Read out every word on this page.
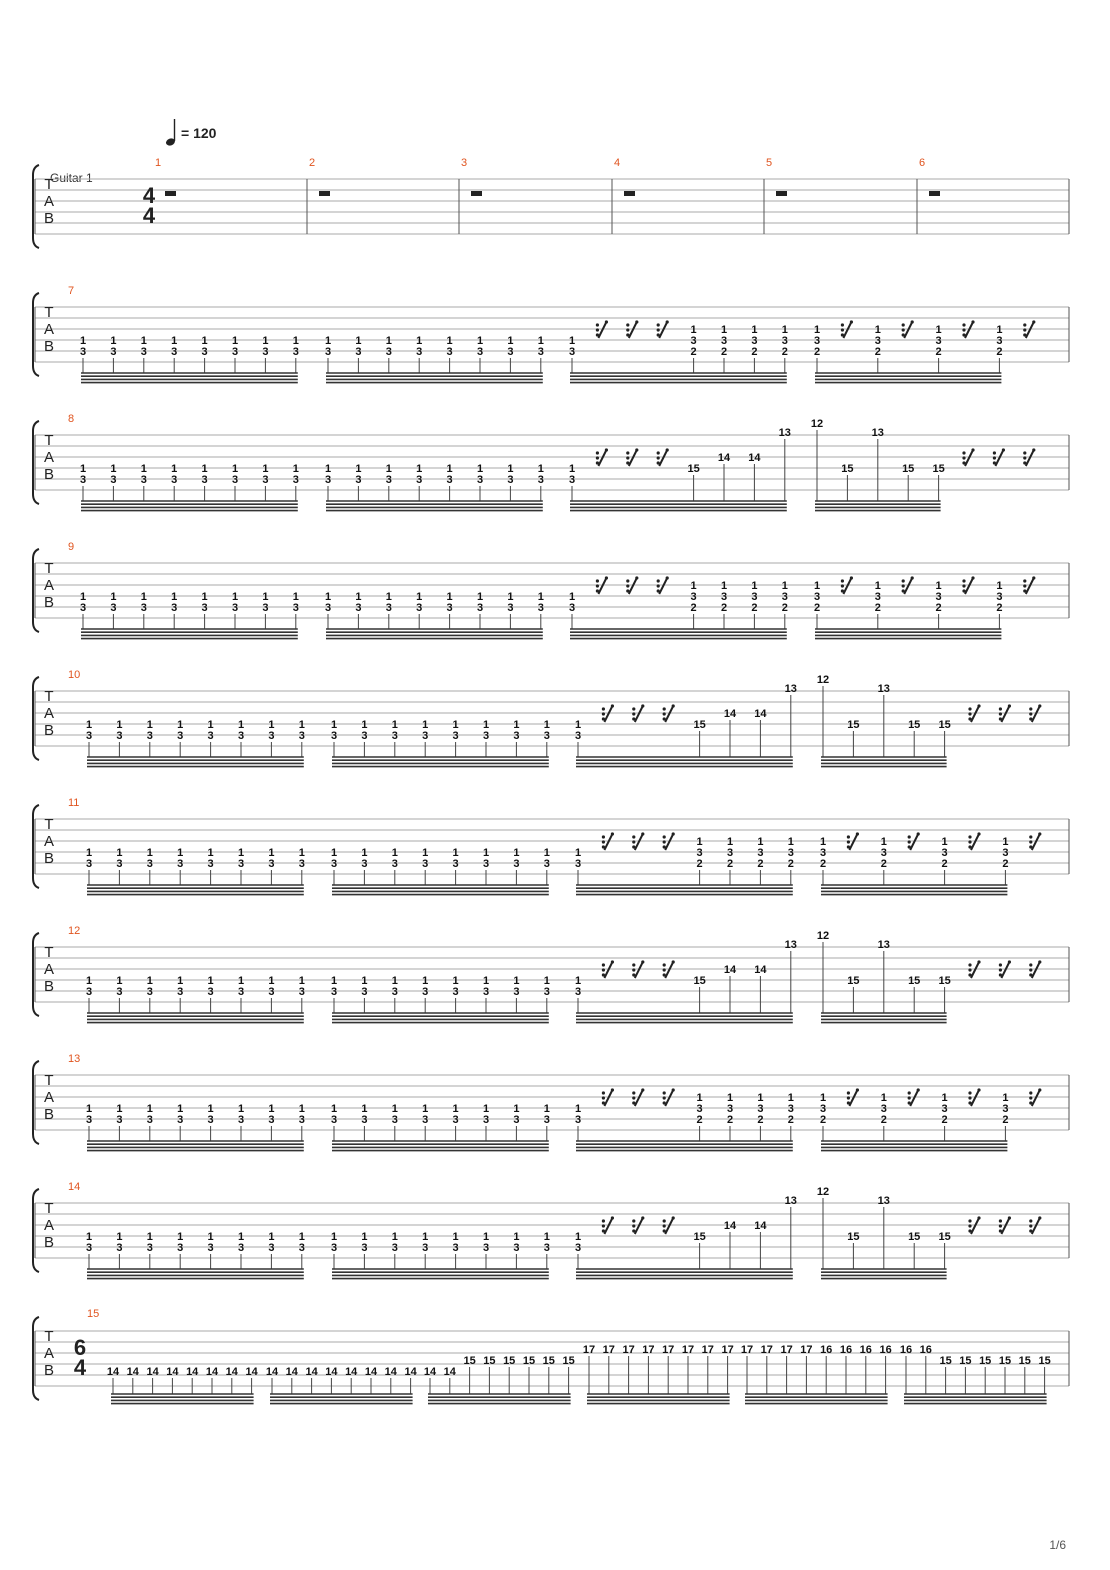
= 120
Guitar 1
1/6
T
A
B
4
4
1	2	3	4	5	6
T
A
B
7
1
3
1
3
1
3
1
3
1
3
1
3
1
3
1
3
1
3
1
3
1
3
1
3
1
3
1
3
1
3
1
3
1
3
1
3
2
1
3
2
1
3
2
1
3
2
1
3
2
1
3
2
1
3
2
1
3
2
T
A
B
8
1
3
1
3
1
3
1
3
1
3
1
3
1
3
1
3
1
3
1
3
1
3
1
3
1
3
1
3
1
3
1
3
1
3
15
14 14
13
12
15
13
15 15
T
A
B
9
1
3
1
3
1
3
1
3
1
3
1
3
1
3
1
3
1
3
1
3
1
3
1
3
1
3
1
3
1
3
1
3
1
3
1
3
2
1
3
2
1
3
2
1
3
2
1
3
2
1
3
2
1
3
2
1
3
2
T
A
B
10
1
3
1
3
1
3
1
3
1
3
1
3
1
3
1
3
1
3
1
3
1
3
1
3
1
3
1
3
1
3
1
3
1
3
15
14 14
13
12
15
13
15 15
T
A
B
11
1
3
1
3
1
3
1
3
1
3
1
3
1
3
1
3
1
3
1
3
1
3
1
3
1
3
1
3
1
3
1
3
1
3
1
3
2
1
3
2
1
3
2
1
3
2
1
3
2
1
3
2
1
3
2
1
3
2
T
A
B
12
1
3
1
3
1
3
1
3
1
3
1
3
1
3
1
3
1
3
1
3
1
3
1
3
1
3
1
3
1
3
1
3
1
3
15
14 14
13
12
15
13
15 15
T
A
B
13
1
3
1
3
1
3
1
3
1
3
1
3
1
3
1
3
1
3
1
3
1
3
1
3
1
3
1
3
1
3
1
3
1
3
1
3
2
1
3
2
1
3
2
1
3
2
1
3
2
1
3
2
1
3
2
1
3
2
T
A
B
14
1
3
1
3
1
3
1
3
1
3
1
3
1
3
1
3
1
3
1
3
1
3
1
3
1
3
1
3
1
3
1
3
1
3
15
14 14
13
12
15
13
15 15
T
A
B
15
6
4 14 14 14 14 14 14 14 14 14 14 14 14 14 14 14 14 14 14
15 15 15 15 15 15
17 17 17 17 17 17 17 17 17 17 17 17 16 16 16 16 16 16
15 15 15 15 15 15
